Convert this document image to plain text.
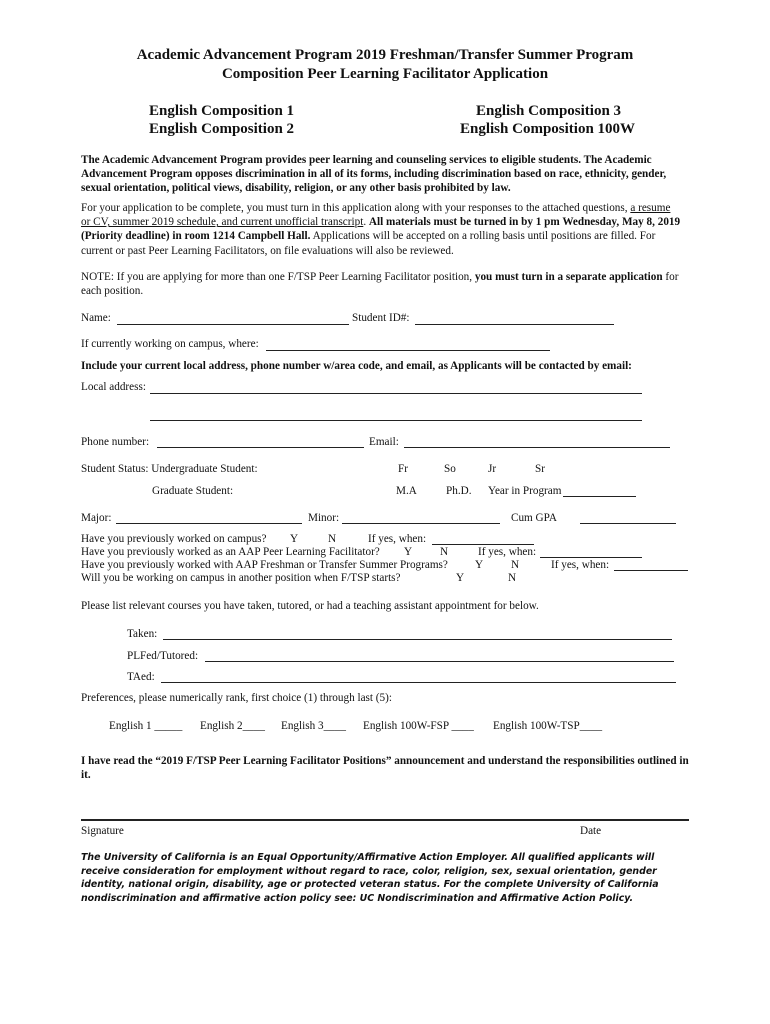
Academic Advancement Program 2019 Freshman/Transfer Summer Program
Composition Peer Learning Facilitator Application
English Composition 1
English Composition 2
English Composition 3
English Composition 100W
The Academic Advancement Program provides peer learning and counseling services to eligible students. The Academic Advancement Program opposes discrimination in all of its forms, including discrimination based on race, ethnicity, gender, sexual orientation, political views, disability, religion, or any other basis prohibited by law.
For your application to be complete, you must turn in this application along with your responses to the attached questions, a resume or CV, summer 2019 schedule, and current unofficial transcript. All materials must be turned in by 1 pm Wednesday, May 8, 2019 (Priority deadline) in room 1214 Campbell Hall. Applications will be accepted on a rolling basis until positions are filled. For current or past Peer Learning Facilitators, on file evaluations will also be reviewed.
NOTE: If you are applying for more than one F/TSP Peer Learning Facilitator position, you must turn in a separate application for each position.
Name:	Student ID#:
If currently working on campus, where:
Include your current local address, phone number w/area code, and email, as Applicants will be contacted by email:
Local address:
Phone number:	Email:
Student Status: Undergraduate Student:	Fr	So	Jr	Sr
Graduate Student:	M.A	Ph.D. Year in Program
Major:	Minor:	Cum GPA
Have you previously worked on campus? Y	N	If yes, when:
Have you previously worked as an AAP Peer Learning Facilitator? Y N	If yes, when:
Have you previously worked with AAP Freshman or Transfer Summer Programs? Y N	If yes, when:
Will you be working on campus in another position when F/TSP starts?	Y	N
Please list relevant courses you have taken, tutored, or had a teaching assistant appointment for below.
Taken:
PLFed/Tutored:
TAed:
Preferences, please numerically rank, first choice (1) through last (5):
English 1 _____ English 2____ English 3____ English 100W-FSP ____ English 100W-TSP____
I have read the “2019 F/TSP Peer Learning Facilitator Positions” announcement and understand the responsibilities outlined in it.
Signature	Date
The University of California is an Equal Opportunity/Affirmative Action Employer. All qualified applicants will receive consideration for employment without regard to race, color, religion, sex, sexual orientation, gender identity, national origin, disability, age or protected veteran status. For the complete University of California nondiscrimination and affirmative action policy see: UC Nondiscrimination and Affirmative Action Policy.
